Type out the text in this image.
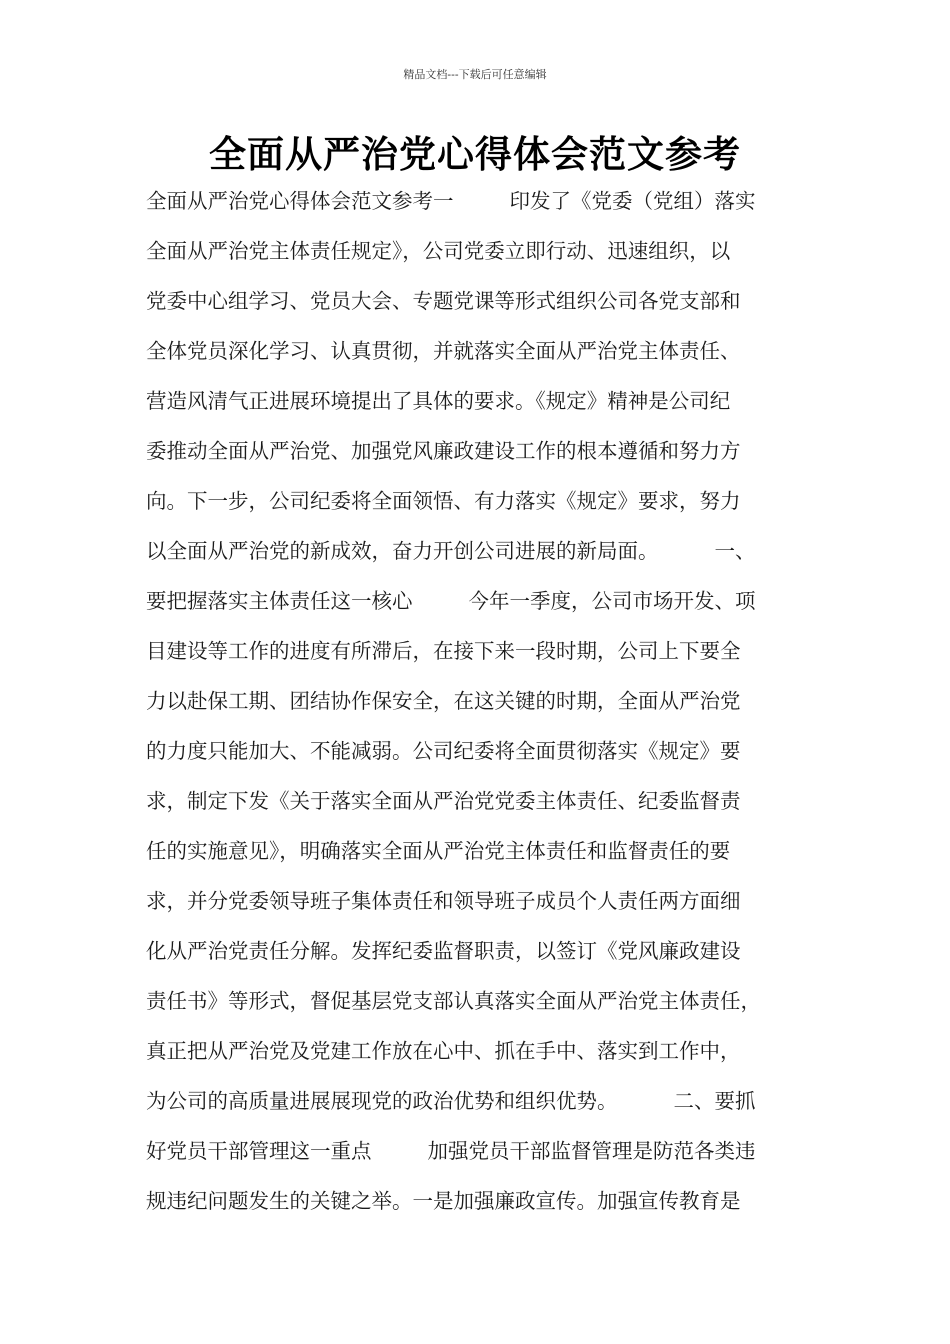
精品文档---下载后可任意编辑
全面从严治党心得体会范文参考
全面从严治党心得体会范文参考一	印发了《党委（党组）落实
全面从严治党主体责任规定》，公司党委立即行动、迅速组织，以
党委中心组学习、党员大会、专题党课等形式组织公司各党支部和
全体党员深化学习、认真贯彻，并就落实全面从严治党主体责任、
营造风清气正进展环境提出了具体的要求。《规定》精神是公司纪
委推动全面从严治党、加强党风廉政建设工作的根本遵循和努力方
向。下一步，公司纪委将全面领悟、有力落实《规定》要求，努力
以全面从严治党的新成效，奋力开创公司进展的新局面。	一、
要把握落实主体责任这一核心	今年一季度，公司市场开发、项
目建设等工作的进度有所滞后，在接下来一段时期，公司上下要全
力以赴保工期、团结协作保安全，在这关键的时期，全面从严治党
的力度只能加大、不能减弱。公司纪委将全面贯彻落实《规定》要
求，制定下发《关于落实全面从严治党党委主体责任、纪委监督责
任的实施意见》，明确落实全面从严治党主体责任和监督责任的要
求，并分党委领导班子集体责任和领导班子成员个人责任两方面细
化从严治党责任分解。发挥纪委监督职责，以签订《党风廉政建设
责任书》等形式，督促基层党支部认真落实全面从严治党主体责任，
真正把从严治党及党建工作放在心中、抓在手中、落实到工作中，
为公司的高质量进展展现党的政治优势和组织优势。	二、要抓
好党员干部管理这一重点	加强党员干部监督管理是防范各类违
规违纪问题发生的关键之举。一是加强廉政宣传。加强宣传教育是
